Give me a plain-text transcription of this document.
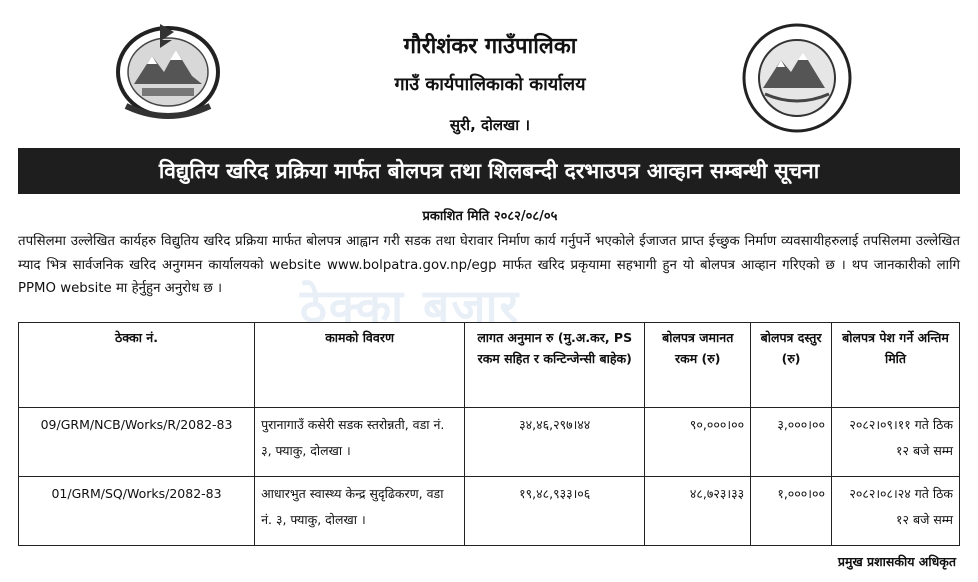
गौरीशंकर गाउँपालिका
गाउँ कार्यपालिकाको कार्यालय
सुरी, दोलखा ।
विद्युतिय खरिद प्रक्रिया मार्फत बोलपत्र तथा शिलबन्दी दरभाउपत्र आव्हान सम्बन्धी सूचना
प्रकाशित मिति २०८२/०८/०५
ठेक्का बजार
तपसिलमा उल्लेखित कार्यहरु विद्युतिय खरिद प्रक्रिया मार्फत बोलपत्र आह्वान गरी सडक तथा घेरावार निर्माण कार्य गर्नुपर्ने भएकोले ईजाजत प्राप्त ईच्छुक निर्माण व्यवसायीहरुलाई तपसिलमा उल्लेखित म्याद भित्र सार्वजनिक खरिद अनुगमन कार्यालयको website www.bolpatra.gov.np/egp मार्फत खरिद प्रकृयामा सहभागी हुन यो बोलपत्र आव्हान गरिएको छ । थप जानकारीको लागि PPMO website मा हेर्नुहुन अनुरोध छ ।
ठेक्का नं.	कामको विवरण	लागत अनुमान रु (मु.अ.कर, PS रकम सहित र कन्टिन्जेन्सी बाहेक)	बोलपत्र जमानत रकम (रु)	बोलपत्र दस्तुर (रु)	बोलपत्र पेश गर्ने अन्तिम मिति
09/GRM/NCB/Works/R/2082-83	पुरानागाउँ कसेरी सडक स्तरोन्नती, वडा नं. ३, फ्याकु, दोलखा ।	३४,४६,२९७।४४	९०,०००।००	३,०००।००	२०८२।०९।११ गते ठिक १२ बजे सम्म
01/GRM/SQ/Works/2082-83	आधारभुत स्वास्थ्य केन्द्र सुदृढिकरण, वडा नं. ३, फ्याकु, दोलखा ।	१९,४८,९३३।०६	४८,७२३।३३	१,०००।००	२०८२।०८।२४ गते ठिक १२ बजे सम्म
प्रमुख प्रशासकीय अधिकृत
